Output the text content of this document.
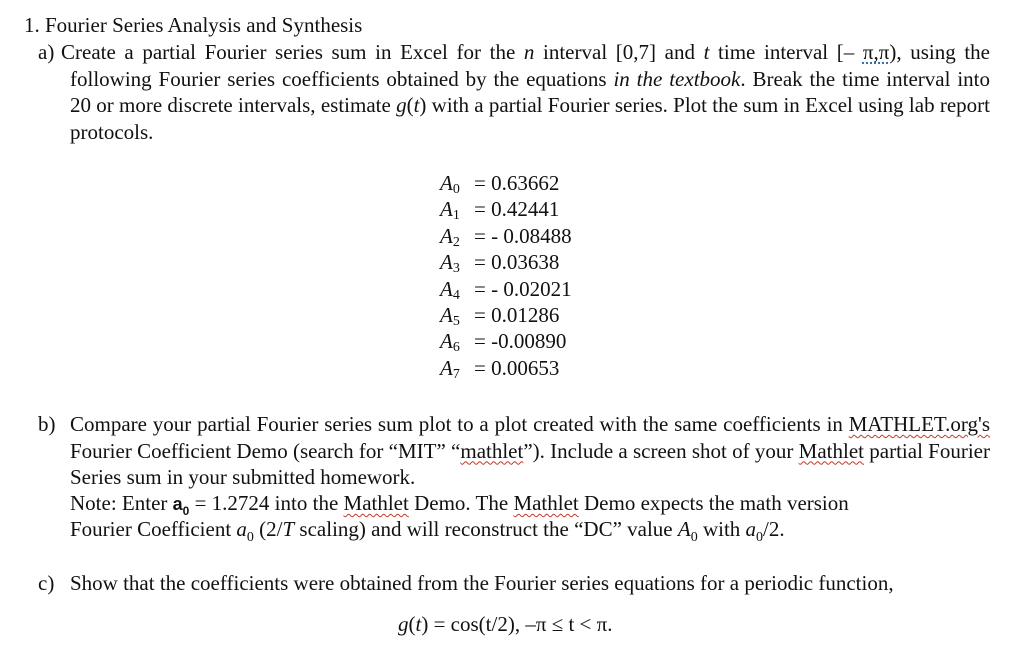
1. Fourier Series Analysis and Synthesis
a) Create a partial Fourier series sum in Excel for the n interval [0,7] and t time interval [– π,π), using the following Fourier series coefficients obtained by the equations in the textbook. Break the time interval into 20 or more discrete intervals, estimate g(t) with a partial Fourier series. Plot the sum in Excel using lab report protocols.
$A_0 = 0.63662$
$A_1 = 0.42441$
$A_2$ = - 0.08488
$A_3 = 0.03638$
$A_4$ = - 0.02021
$A_5 = 0.01286$
$A_6 = -0.00890$
$A_7 = 0.00653$
b) Compare your partial Fourier series sum plot to a plot created with the same coefficients in MATHLET.org's Fourier Coefficient Demo (search for “MIT” “mathlet”). Include a screen shot of your Mathlet partial Fourier Series sum in your submitted homework.
Note: Enter $a_0 = 1.2724$ into the Mathlet Demo. The Mathlet Demo expects the math version
Fourier Coefficient $a_0$ (2/T scaling) and will reconstruct the “DC” value $A_0$ with $a_0/2$.
c) Show that the coefficients were obtained from the Fourier series equations for a periodic function,
g(t) = cos(t/2), –π ≤ t < π.
